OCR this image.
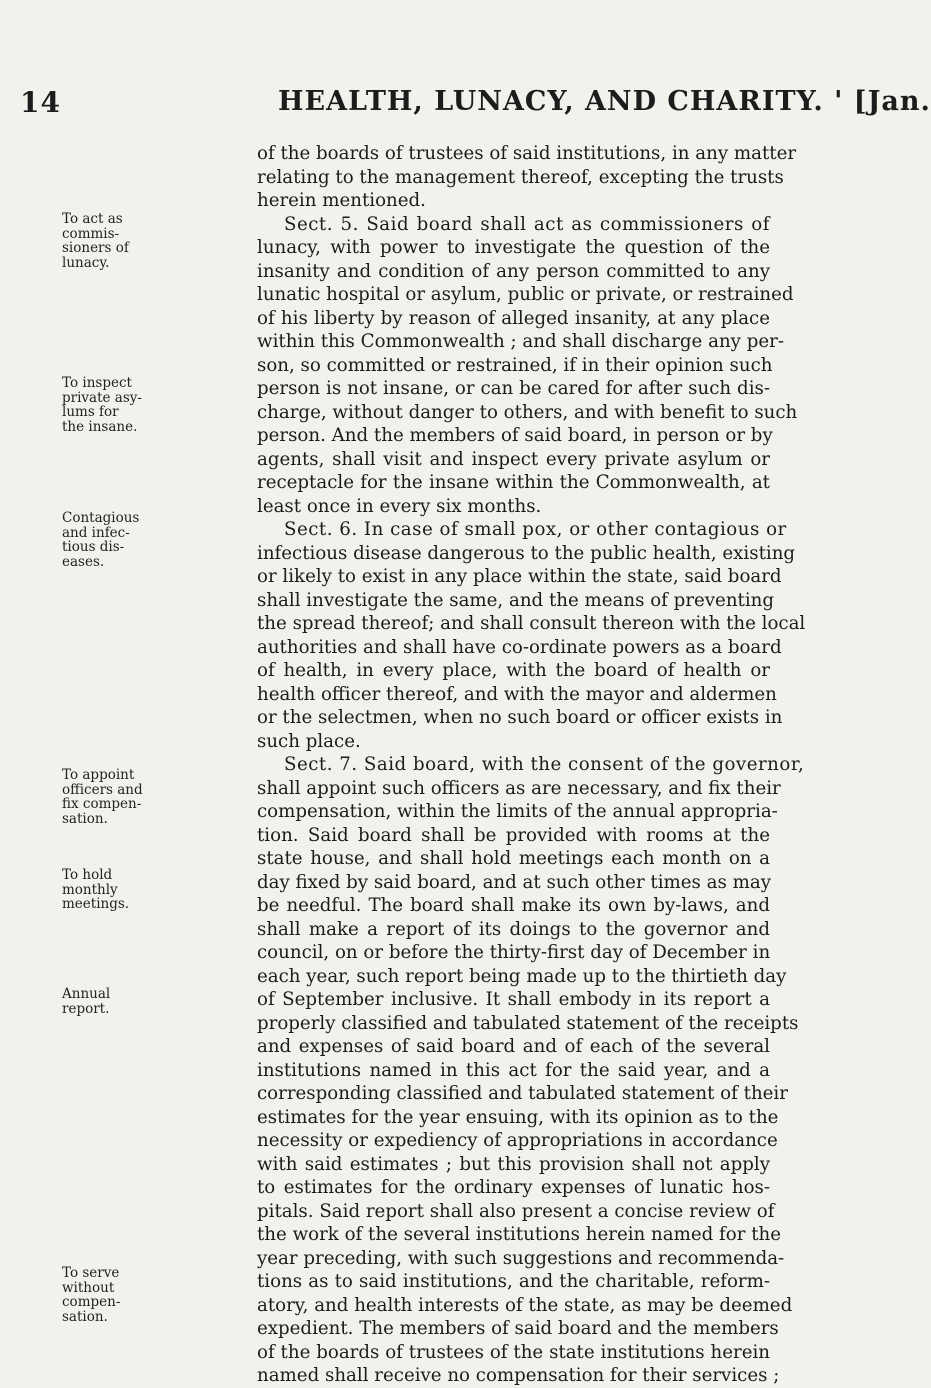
14	HEALTH, LUNACY, AND CHARITY. ' [Jan.
To act as
commis-
sioners of
lunacy.
To inspect
private asy-
lums for
the insane.
Contagious
and infec-
tious dis-
eases.
To appoint
officers and
fix compen-
sation.
To hold
monthly
meetings.
Annual
report.
To serve
without
compen-
sation.
of the boards of trustees of said institutions, in any matter
relating to the management thereof, excepting the trusts
herein mentioned.
Sect. 5. Said board shall act as commissioners of
lunacy, with power to investigate the question of the
insanity and condition of any person committed to any
lunatic hospital or asylum, public or private, or restrained
of his liberty by reason of alleged insanity, at any place
within this Commonwealth ; and shall discharge any per-
son, so committed or restrained, if in their opinion such
person is not insane, or can be cared for after such dis-
charge, without danger to others, and with benefit to such
person. And the members of said board, in person or by
agents, shall visit and inspect every private asylum or
receptacle for the insane within the Commonwealth, at
least once in every six months.
Sect. 6. In case of small pox, or other contagious or
infectious disease dangerous to the public health, existing
or likely to exist in any place within the state, said board
shall investigate the same, and the means of preventing
the spread thereof; and shall consult thereon with the local
authorities and shall have co-ordinate powers as a board
of health, in every place, with the board of health or
health officer thereof, and with the mayor and aldermen
or the selectmen, when no such board or officer exists in
such place.
Sect. 7. Said board, with the consent of the governor,
shall appoint such officers as are necessary, and fix their
compensation, within the limits of the annual appropria-
tion. Said board shall be provided with rooms at the
state house, and shall hold meetings each month on a
day fixed by said board, and at such other times as may
be needful. The board shall make its own by-laws, and
shall make a report of its doings to the governor and
council, on or before the thirty-first day of December in
each year, such report being made up to the thirtieth day
of September inclusive. It shall embody in its report a
properly classified and tabulated statement of the receipts
and expenses of said board and of each of the several
institutions named in this act for the said year, and a
corresponding classified and tabulated statement of their
estimates for the year ensuing, with its opinion as to the
necessity or expediency of appropriations in accordance
with said estimates ; but this provision shall not apply
to estimates for the ordinary expenses of lunatic hos-
pitals. Said report shall also present a concise review of
the work of the several institutions herein named for the
year preceding, with such suggestions and recommenda-
tions as to said institutions, and the charitable, reform-
atory, and health interests of the state, as may be deemed
expedient. The members of said board and the members
of the boards of trustees of the state institutions herein
named shall receive no compensation for their services ;
